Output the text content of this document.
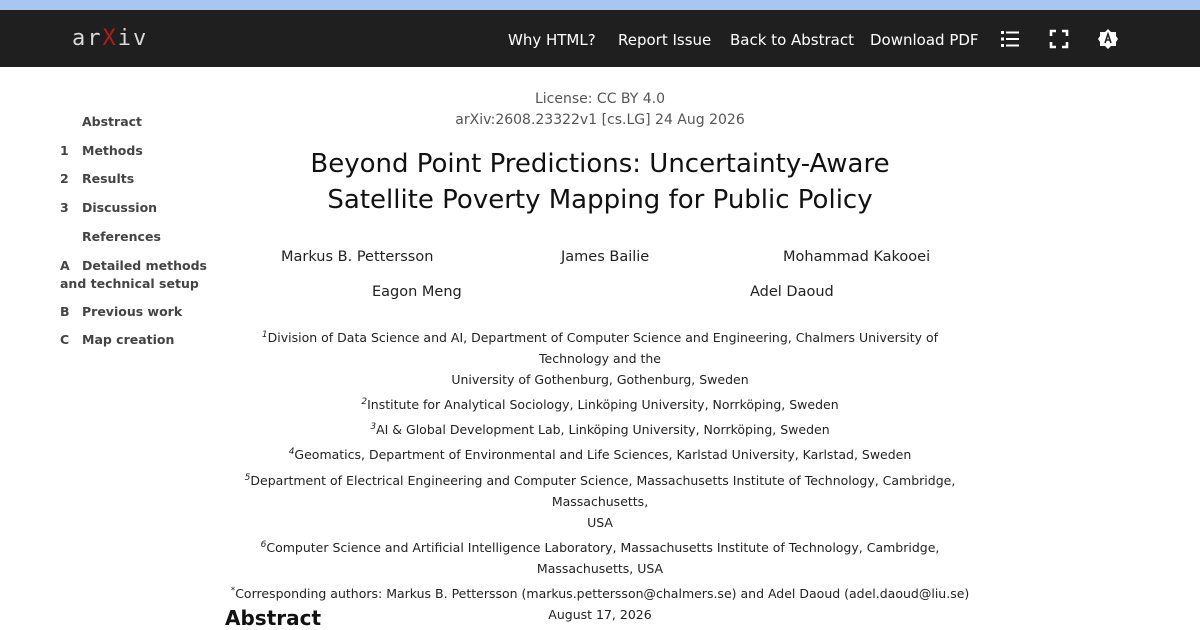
arXiv	Why HTML? Report Issue Back to Abstract Download PDF
Abstract
1 Methods
2 Results
3 Discussion
References
A Detailed methods
and technical setup
B Previous work
C Map creation
License: CC BY 4.0
arXiv:2608.23322v1 [cs.LG] 24 Aug 2026
Beyond Point Predictions: Uncertainty-Aware
Satellite Poverty Mapping for Public Policy
Markus B. Pettersson	James Bailie	Mohammad Kakooei
Eagon Meng	Adel Daoud
$^1$Division of Data Science and AI, Department of Computer Science and Engineering, Chalmers University of Technology and the
University of Gothenburg, Gothenburg, Sweden
$^2$Institute for Analytical Sociology, Linköping University, Norrköping, Sweden
$^3$AI & Global Development Lab, Linköping University, Norrköping, Sweden
$^4$Geomatics, Department of Environmental and Life Sciences, Karlstad University, Karlstad, Sweden
$^5$Department of Electrical Engineering and Computer Science, Massachusetts Institute of Technology, Cambridge, Massachusetts,
USA
$^6$Computer Science and Artificial Intelligence Laboratory, Massachusetts Institute of Technology, Cambridge, Massachusetts, USA
*Corresponding authors: Markus B. Pettersson (markus.pettersson@chalmers.se) and Adel Daoud (adel.daoud@liu.se)
August 17, 2026
Abstract
